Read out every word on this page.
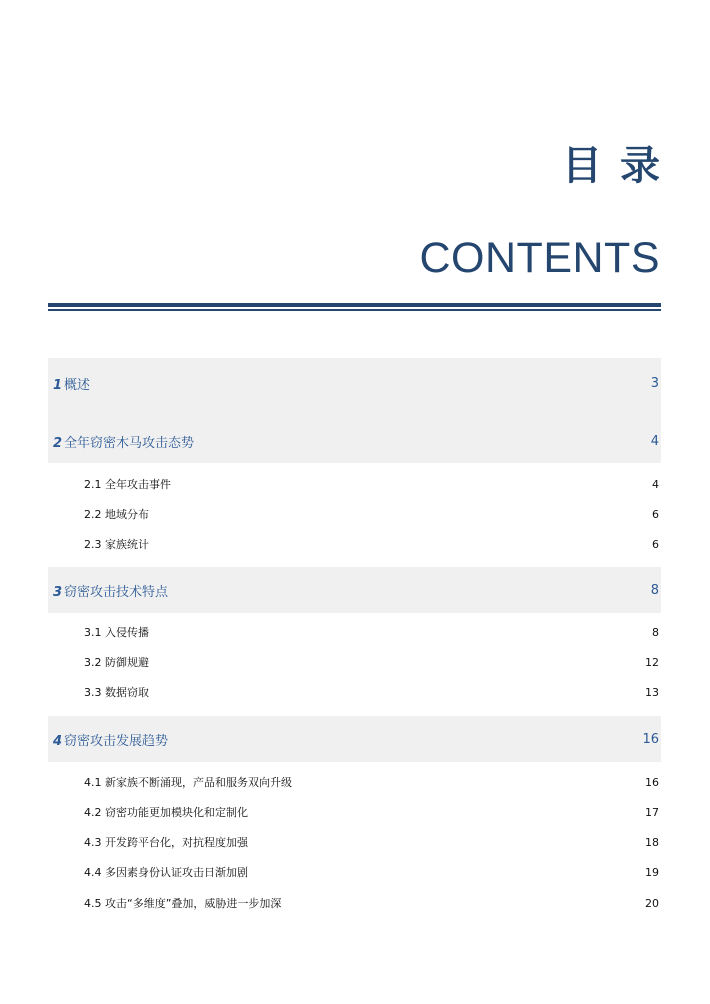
目录
CONTENTS
1 概述	3
2 全年窃密木马攻击态势	4
2.1 全年攻击事件	4
2.2 地域分布	6
2.3 家族统计	6
3 窃密攻击技术特点	8
3.1 入侵传播	8
3.2 防御规避	12
3.3 数据窃取	13
4 窃密攻击发展趋势	16
4.1 新家族不断涌现，产品和服务双向升级	16
4.2 窃密功能更加模块化和定制化	17
4.3 开发跨平台化，对抗程度加强	18
4.4 多因素身份认证攻击日渐加剧	19
4.5 攻击“多维度”叠加，威胁进一步加深	20
